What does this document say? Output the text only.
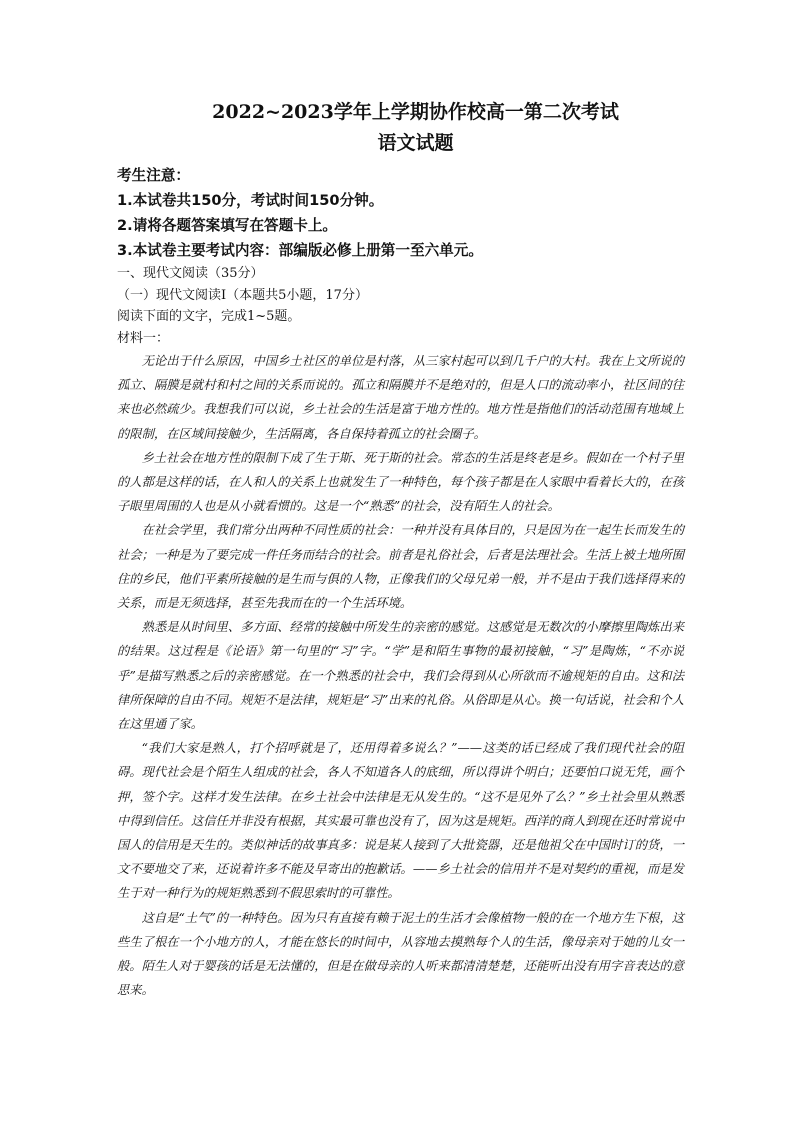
2022~2023学年上学期协作校高一第二次考试
语文试题
考生注意：
1.本试卷共150分，考试时间150分钟。
2.请将各题答案填写在答题卡上。
3.本试卷主要考试内容：部编版必修上册第一至六单元。
一、现代文阅读（35分）
（一）现代文阅读Ⅰ（本题共5小题，17分）
阅读下面的文字，完成1~5题。
材料一：

无论出于什么原因，中国乡土社区的单位是村落，从三家村起可以到几千户的大村。我在上文所说的孤立、隔膜是就村和村之间的关系而说的。孤立和隔膜并不是绝对的，但是人口的流动率小，社区间的往来也必然疏少。我想我们可以说，乡土社会的生活是富于地方性的。地方性是指他们的活动范围有地域上的限制，在区域间接触少，生活隔离，各自保持着孤立的社会圈子。

乡土社会在地方性的限制下成了生于斯、死于斯的社会。常态的生活是终老是乡。假如在一个村子里的人都是这样的话，在人和人的关系上也就发生了一种特色，每个孩子都是在人家眼中看着长大的，在孩子眼里周围的人也是从小就看惯的。这是一个“熟悉”的社会，没有陌生人的社会。

在社会学里，我们常分出两种不同性质的社会：一种并没有具体目的，只是因为在一起生长而发生的社会；一种是为了要完成一件任务而结合的社会。前者是礼俗社会，后者是法理社会。生活上被土地所囿住的乡民，他们平素所接触的是生而与俱的人物，正像我们的父母兄弟一般，并不是由于我们选择得来的关系，而是无须选择，甚至先我而在的一个生活环境。

熟悉是从时间里、多方面、经常的接触中所发生的亲密的感觉。这感觉是无数次的小摩擦里陶炼出来的结果。这过程是《论语》第一句里的“习”字。“学”是和陌生事物的最初接触，“习”是陶炼，“不亦说乎”是描写熟悉之后的亲密感觉。在一个熟悉的社会中，我们会得到从心所欲而不逾规矩的自由。这和法律所保障的自由不同。规矩不是法律，规矩是“习”出来的礼俗。从俗即是从心。换一句话说，社会和个人在这里通了家。

“我们大家是熟人，打个招呼就是了，还用得着多说么？”——这类的话已经成了我们现代社会的阻碍。现代社会是个陌生人组成的社会，各人不知道各人的底细，所以得讲个明白；还要怕口说无凭，画个押，签个字。这样才发生法律。在乡土社会中法律是无从发生的。“这不是见外了么？”乡土社会里从熟悉中得到信任。这信任并非没有根据，其实最可靠也没有了，因为这是规矩。西洋的商人到现在还时常说中国人的信用是天生的。类似神话的故事真多：说是某人接到了大批瓷器，还是他祖父在中国时订的货，一文不要地交了来，还说着许多不能及早寄出的抱歉话。——乡土社会的信用并不是对契约的重视，而是发生于对一种行为的规矩熟悉到不假思索时的可靠性。

这自是“土气”的一种特色。因为只有直接有赖于泥土的生活才会像植物一般的在一个地方生下根，这些生了根在一个小地方的人，才能在悠长的时间中，从容地去摸熟每个人的生活，像母亲对于她的儿女一般。陌生人对于婴孩的话是无法懂的，但是在做母亲的人听来都清清楚楚，还能听出没有用字音表达的意思来。
